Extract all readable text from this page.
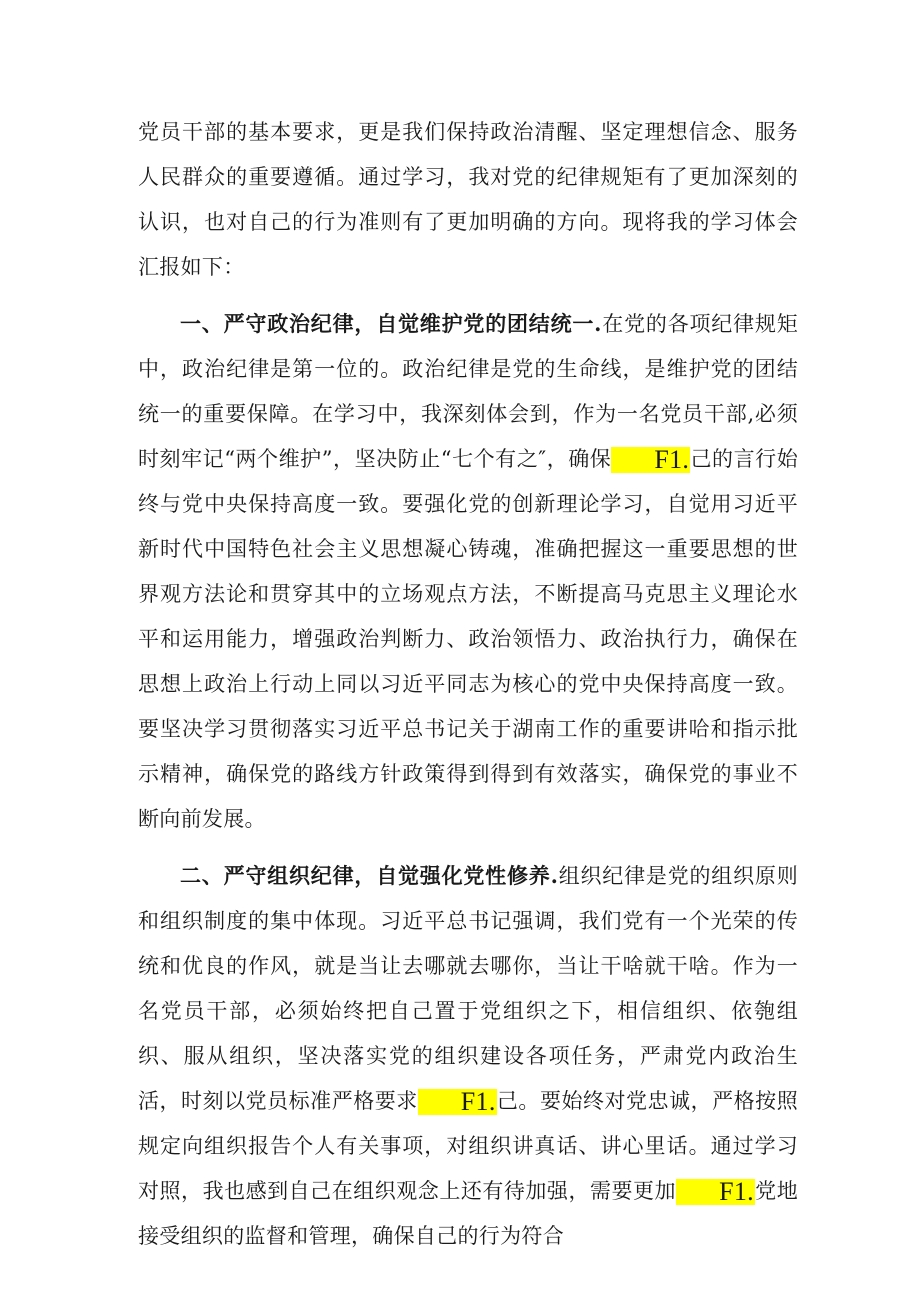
党员干部的基本要求，更是我们保持政治清醒、坚定理想信念、服务人民群众的重要遵循。通过学习，我对党的纪律规矩有了更加深刻的认识，也对自己的行为准则有了更加明确的方向。现将我的学习体会汇报如下：

一、严守政治纪律，自觉维护党的团结统一.在党的各项纪律规矩中，政治纪律是第一位的。政治纪律是党的生命线，是维护党的团结统一的重要保障。在学习中，我深刻体会到，作为一名党员干部,必须时刻牢记“两个维护”，坚决防止“七个有之″，确保 F1.己的言行始终与党中央保持高度一致。要强化党的创新理论学习，自觉用习近平新时代中国特色社会主义思想凝心铸魂，准确把握这一重要思想的世界观方法论和贯穿其中的立场观点方法，不断提高马克思主义理论水平和运用能力，增强政治判断力、政治领悟力、政治执行力，确保在思想上政治上行动上同以习近平同志为核心的党中央保持高度一致。要坚决学习贯彻落实习近平总书记关于湖南工作的重要讲哈和指示批示精神，确保党的路线方针政策得到得到有效落实，确保党的事业不断向前发展。

二、严守组织纪律，自觉强化党性修养.组织纪律是党的组织原则和组织制度的集中体现。习近平总书记强调，我们党有一个光荣的传统和优良的作风，就是当让去哪就去哪你，当让干啥就干啥。作为一名党员干部，必须始终把自己置于党组织之下，相信组织、依匏组织、服从组织，坚决落实党的组织建设各项任务，严肃党内政治生活，时刻以党员标准严格要求 F1.己。要始终对党忠诚，严格按照规定向组织报告个人有关事项，对组织讲真话、讲心里话。通过学习对照，我也感到自己在组织观念上还有待加强，需要更加 F1.党地接受组织的监督和管理，确保自己的行为符合
